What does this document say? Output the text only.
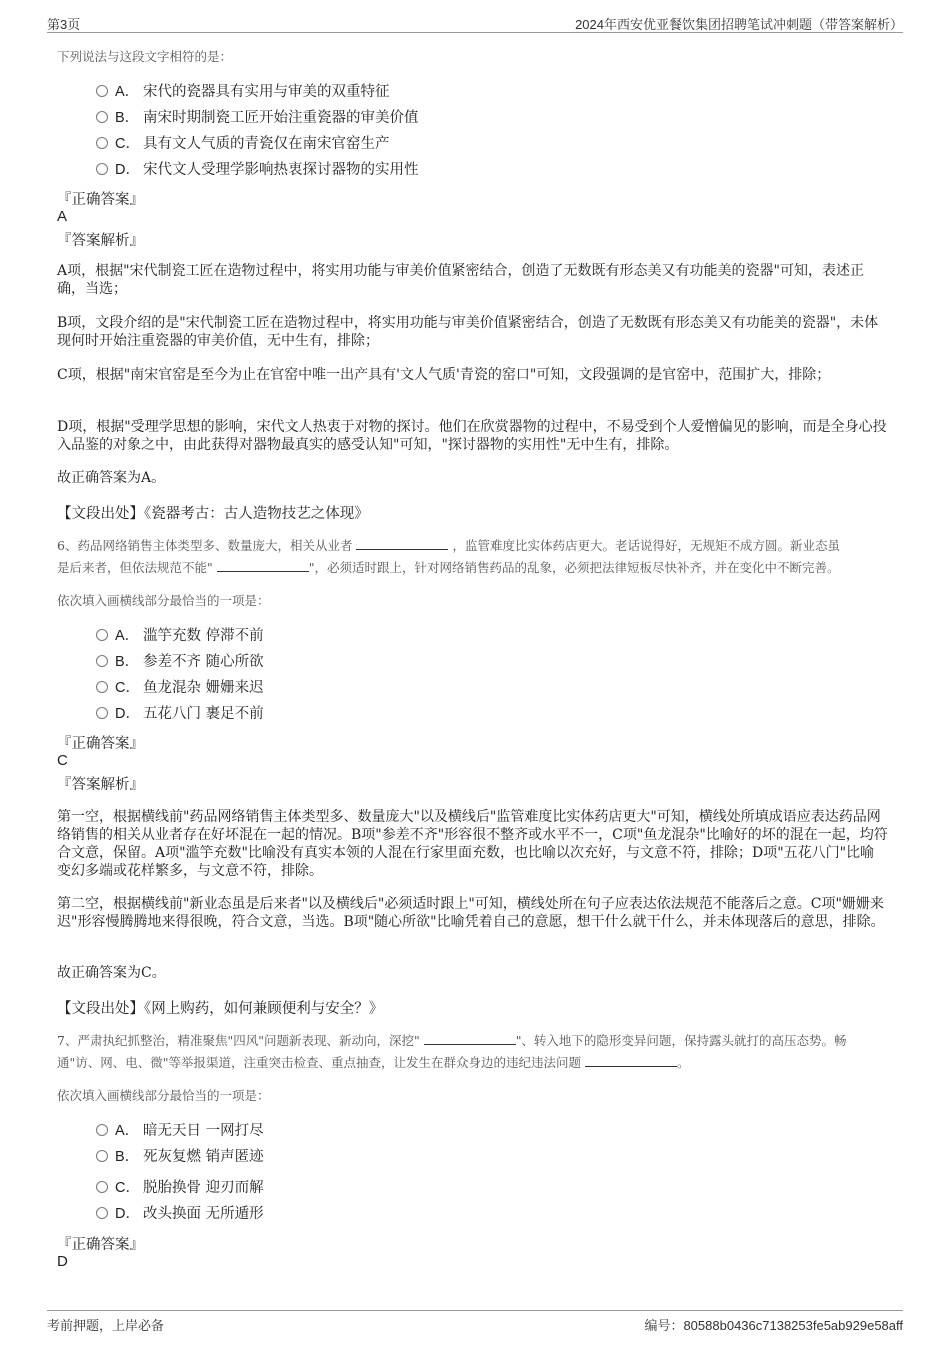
第3页	2024年西安优亚餐饮集团招聘笔试冲刺题（带答案解析）

下列说法与这段文字相符的是：

A． 宋代的瓷器具有实用与审美的双重特征
B． 南宋时期制瓷工匠开始注重瓷器的审美价值
C． 具有文人气质的青瓷仅在南宋官窑生产
D． 宋代文人受理学影响热衷探讨器物的实用性

『正确答案』

A

『答案解析』

A项，根据"宋代制瓷工匠在造物过程中，将实用功能与审美价值紧密结合，创造了无数既有形态美又有功能美的瓷器"可知，表述正确，当选；

B项，文段介绍的是"宋代制瓷工匠在造物过程中，将实用功能与审美价值紧密结合，创造了无数既有形态美又有功能美的瓷器"，未体现何时开始注重瓷器的审美价值，无中生有，排除；

C项，根据"南宋官窑是至今为止在官窑中唯一出产具有'文人气质'青瓷的窑口"可知，文段强调的是官窑中，范围扩大，排除；

D项，根据"受理学思想的影响，宋代文人热衷于对物的探讨。他们在欣赏器物的过程中，不易受到个人爱憎偏见的影响，而是全身心投入品鉴的对象之中，由此获得对器物最真实的感受认知"可知，"探讨器物的实用性"无中生有，排除。

故正确答案为A。

【文段出处】《瓷器考古：古人造物技艺之体现》

6、药品网络销售主体类型多、数量庞大，相关从业者	，监管难度比实体药店更大。老话说得好，无规矩不成方圆。新业态虽
是后来者，但依法规范不能"	"，必须适时跟上，针对网络销售药品的乱象，必须把法律短板尽快补齐，并在变化中不断完善。

依次填入画横线部分最恰当的一项是：

A． 滥竽充数 停滞不前
B． 参差不齐 随心所欲
C． 鱼龙混杂 姗姗来迟
D． 五花八门 裹足不前

『正确答案』

C

『答案解析』

第一空，根据横线前"药品网络销售主体类型多、数量庞大"以及横线后"监管难度比实体药店更大"可知，横线处所填成语应表达药品网络销售的相关从业者存在好坏混在一起的情况。B项"参差不齐"形容很不整齐或水平不一，C项"鱼龙混杂"比喻好的坏的混在一起，均符合文意，保留。A项"滥竽充数"比喻没有真实本领的人混在行家里面充数，也比喻以次充好，与文意不符，排除；D项"五花八门"比喻变幻多端或花样繁多，与文意不符，排除。

第二空，根据横线前"新业态虽是后来者"以及横线后"必须适时跟上"可知，横线处所在句子应表达依法规范不能落后之意。C项"姗姗来迟"形容慢腾腾地来得很晚，符合文意，当选。B项"随心所欲"比喻凭着自己的意愿，想干什么就干什么，并未体现落后的意思，排除。

故正确答案为C。

【文段出处】《网上购药，如何兼顾便利与安全？》

7、严肃执纪抓整治，精准聚焦"四风"问题新表现、新动向，深挖"	"、转入地下的隐形变异问题，保持露头就打的高压态势。畅
通"访、网、电、微"等举报渠道，注重突击检查、重点抽查，让发生在群众身边的违纪违法问题	。

依次填入画横线部分最恰当的一项是：

A． 暗无天日 一网打尽
B． 死灰复燃 销声匿迹
C． 脱胎换骨 迎刃而解
D． 改头换面 无所遁形

『正确答案』

D

考前押题，上岸必备	编号：80588b0436c7138253fe5ab929e58aff
